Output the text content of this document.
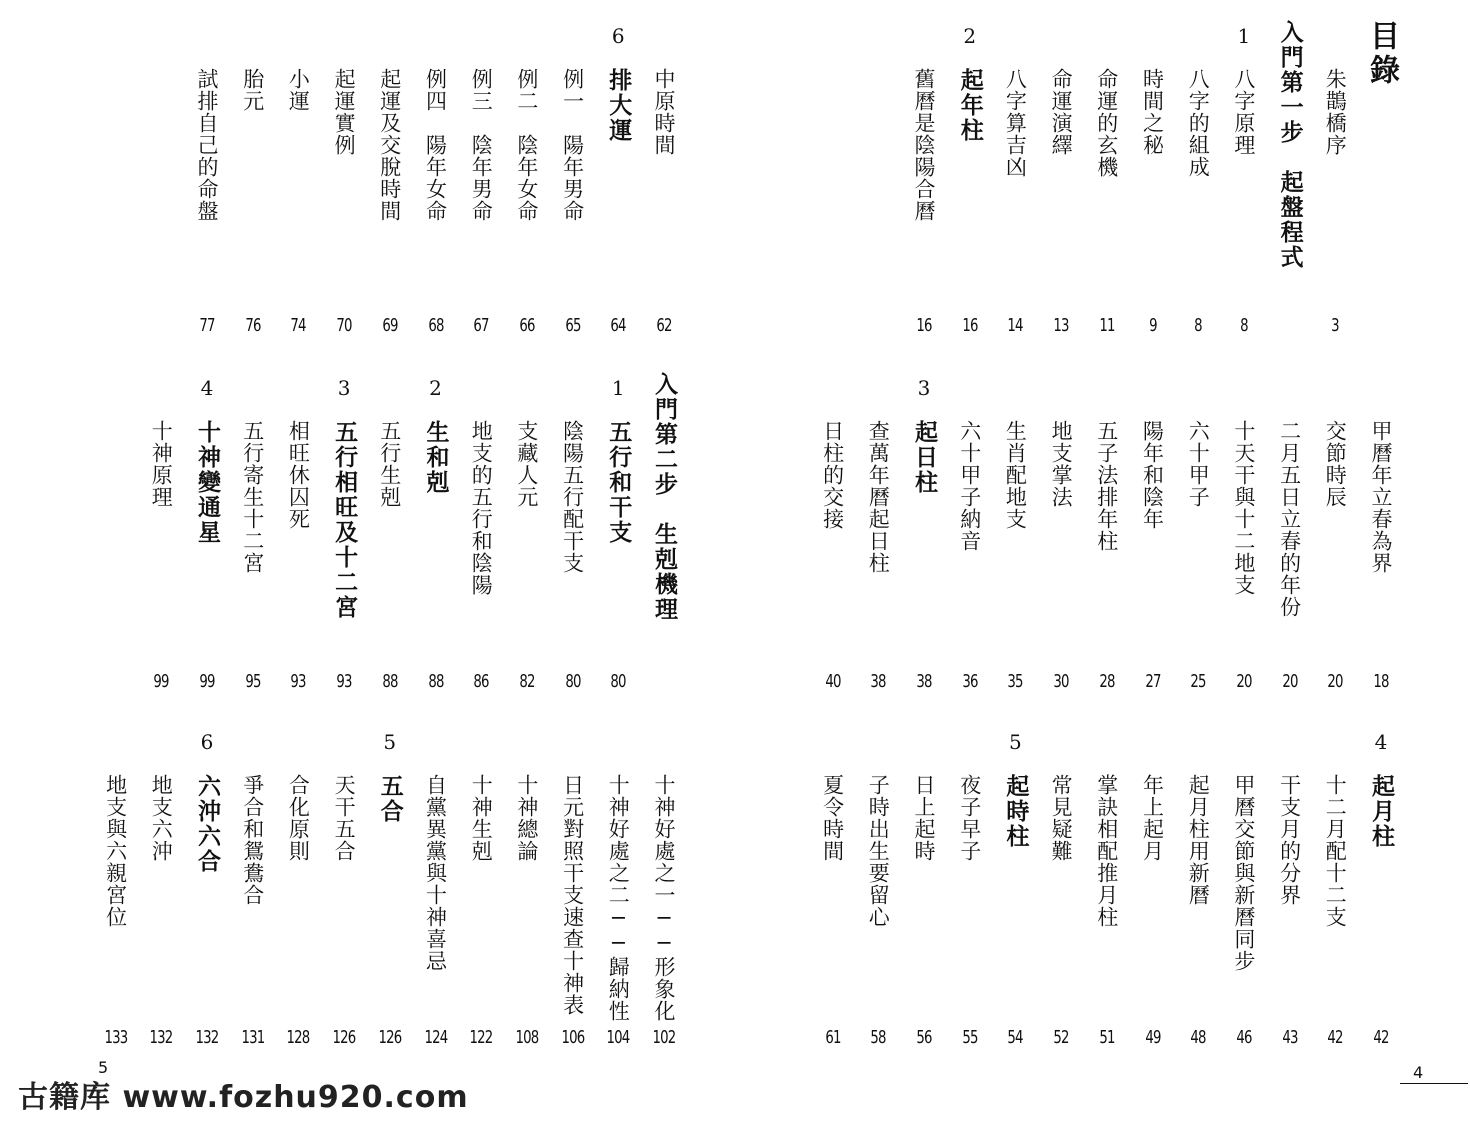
目錄
朱鵲橋序
3
入門第一步　起盤程式
1
八字原理
8
八字的組成
8
時間之秘
9
命運的玄機
11
命運演繹
13
八字算吉凶
14
2
起年柱
16
舊曆是陰陽合曆
16
甲曆年立春為界
18
交節時辰
20
二月五日立春的年份
20
十天干與十二地支
20
六十甲子
25
陽年和陰年
27
五子法排年柱
28
地支掌法
30
生肖配地支
35
六十甲子納音
36
3
起日柱
38
查萬年曆起日柱
38
日柱的交接
40
4
起月柱
42
十二月配十二支
42
干支月的分界
43
甲曆交節與新曆同步
46
起月柱用新曆
48
年上起月
49
掌訣相配推月柱
51
常見疑難
52
5
起時柱
54
夜子早子
55
日上起時
56
子時出生要留心
58
夏令時間
61
中原時間
62
6
排大運
64
例一　陽年男命
65
例二　陰年女命
66
例三　陰年男命
67
例四　陽年女命
68
起運及交脫時間
69
起運實例
70
小運
74
胎元
76
試排自己的命盤
77
入門第二步　生剋機理
1
五行和干支
80
陰陽五行配干支
80
支藏人元
82
地支的五行和陰陽
86
2
生和剋
88
五行生剋
88
3
五行相旺及十二宮
93
相旺休囚死
93
五行寄生十二宮
95
4
十神變通星
99
十神原理
99
十神好處之一──形象化
102
十神好處之二──歸納性
104
日元對照干支速查十神表
106
十神總論
108
十神生剋
122
自黨異黨與十神喜忌
124
5
五合
126
天干五合
126
合化原則
128
爭合和鴛鴦合
131
6
六沖六合
132
地支六沖
132
地支與六親宮位
133
5	4
古籍库 www.fozhu920.com
